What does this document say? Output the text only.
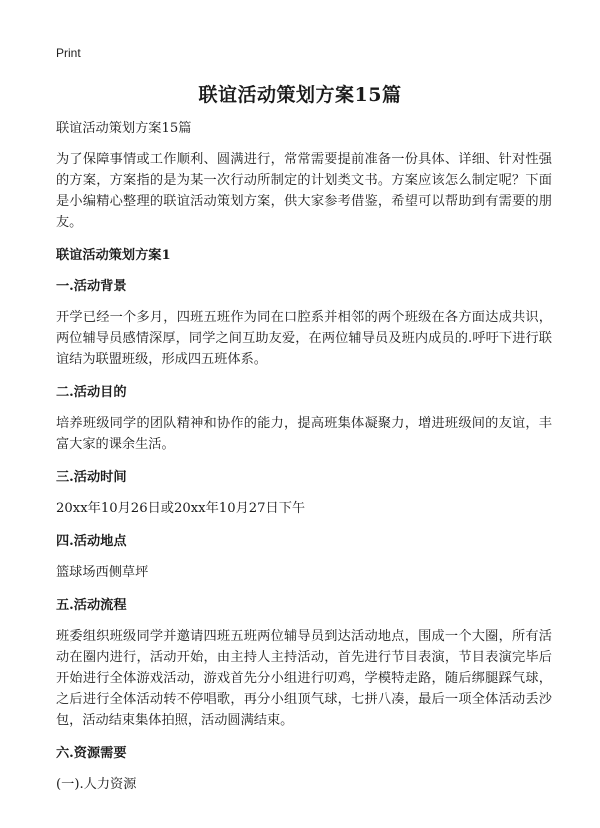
Print
联谊活动策划方案15篇

联谊活动策划方案15篇

为了保障事情或工作顺利、圆满进行，常常需要提前准备一份具体、详细、针对性强的方案，方案指的是为某一次行动所制定的计划类文书。方案应该怎么制定呢？下面是小编精心整理的联谊活动策划方案，供大家参考借鉴，希望可以帮助到有需要的朋友。

联谊活动策划方案1

一.活动背景

开学已经一个多月，四班五班作为同在口腔系并相邻的两个班级在各方面达成共识，两位辅导员感情深厚，同学之间互助友爱，在两位辅导员及班内成员的.呼吁下进行联谊结为联盟班级，形成四五班体系。

二.活动目的

培养班级同学的团队精神和协作的能力，提高班集体凝聚力，增进班级间的友谊，丰富大家的课余生活。

三.活动时间

20xx年10月26日或20xx年10月27日下午

四.活动地点

篮球场西侧草坪

五.活动流程

班委组织班级同学并邀请四班五班两位辅导员到达活动地点，围成一个大圈，所有活动在圈内进行，活动开始，由主持人主持活动，首先进行节目表演，节目表演完毕后开始进行全体游戏活动，游戏首先分小组进行叨鸡，学模特走路，随后绑腿踩气球，之后进行全体活动转不停唱歌，再分小组顶气球，七拼八凑，最后一项全体活动丢沙包，活动结束集体拍照，活动圆满结束。

六.资源需要

(一).人力资源
